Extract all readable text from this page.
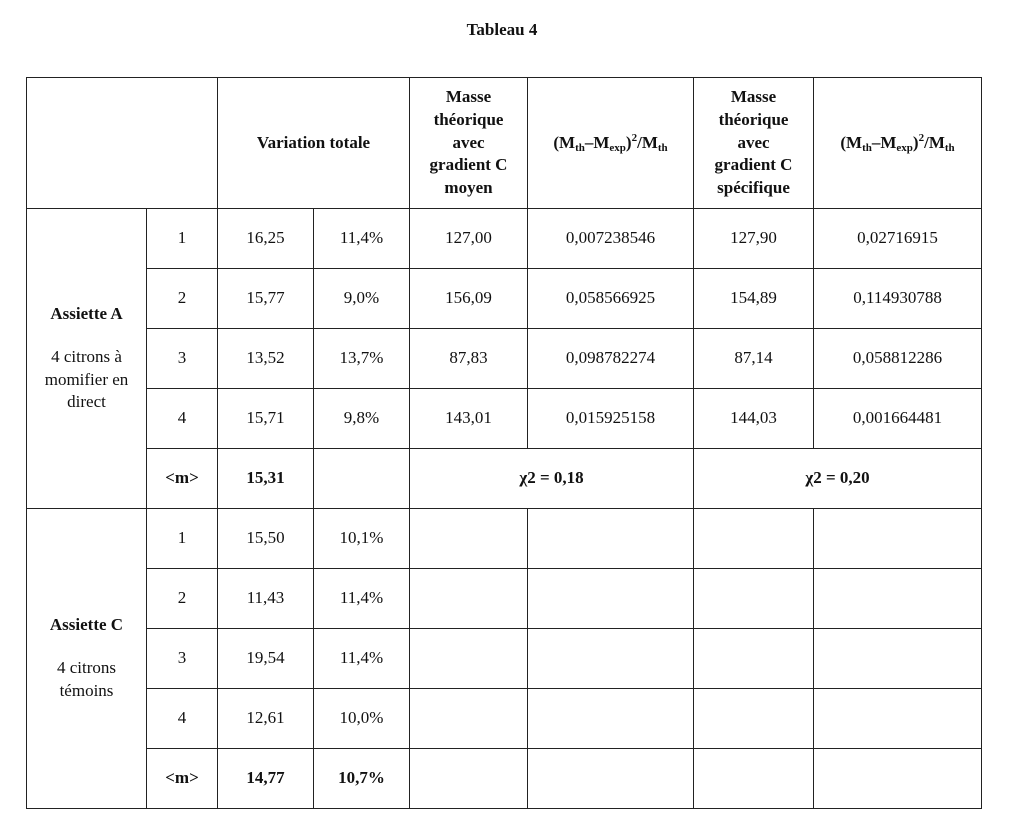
Tableau 4
		Variation totale		Masse
théorique
avec
gradient C
moyen	$(Mth-Mexp)^2$/Mth	Masse
théorique
avec
gradient C
spécifique	$(Mth-Mexp)^2$/Mth

Assiette A
4 citrons à
momifier en
direct	1	16,25	11,4%	127,00	0,007238546	127,90	0,02716915
	2	15,77	9,0%	156,09	0,058566925	154,89	0,114930788
	3	13,52	13,7%	87,83	0,098782274	87,14	0,058812286
	4	15,71	9,8%	143,01	0,015925158	144,03	0,001664481
	<m>	15,31		χ2 = 0,18		χ2 = 0,20	

Assiette C
4 citrons
témoins	1	15,50	10,1%				
	2	11,43	11,4%				
	3	19,54	11,4%				
	4	12,61	10,0%				
	<m>	14,77	10,7%				
